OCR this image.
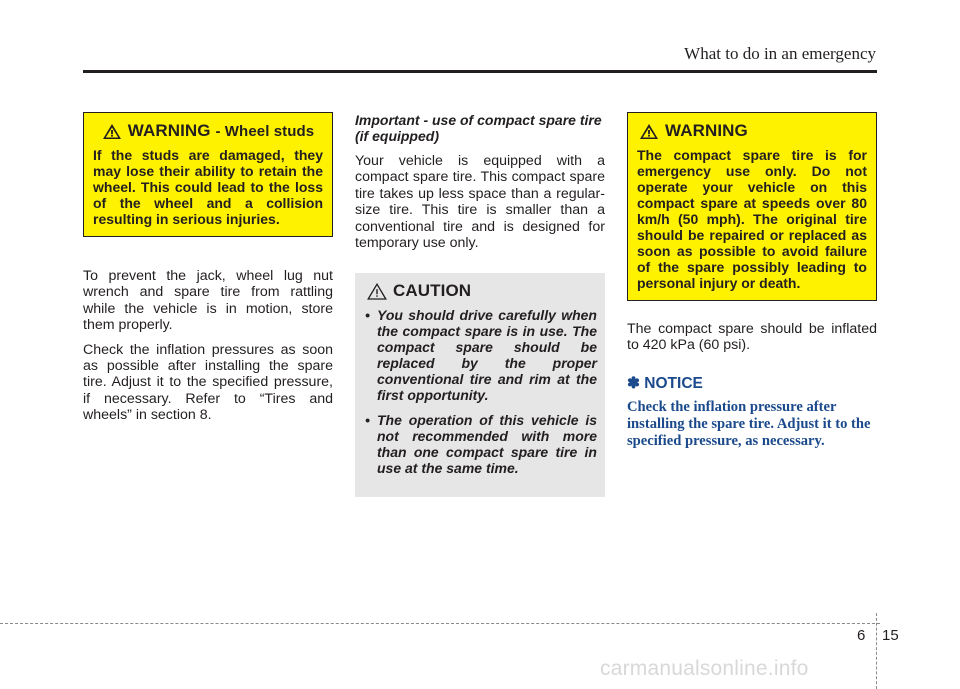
What to do in an emergency
WARNING - Wheel studs

If the studs are damaged, they may lose their ability to retain the wheel. This could lead to the loss of the wheel and a collision resulting in serious injuries.

To prevent the jack, wheel lug nut wrench and spare tire from rattling while the vehicle is in motion, store them properly.

Check the inflation pressures as soon as possible after installing the spare tire. Adjust it to the specified pressure, if necessary. Refer to “Tires and wheels” in section 8.

Important - use of compact spare tire (if equipped)

Your vehicle is equipped with a compact spare tire. This compact spare tire takes up less space than a regular-size tire. This tire is smaller than a conventional tire and is designed for temporary use only.

CAUTION
• You should drive carefully when the compact spare is in use. The compact spare should be replaced by the proper conventional tire and rim at the first opportunity.
• The operation of this vehicle is not recommended with more than one compact spare tire in use at the same time.
WARNING

The compact spare tire is for emergency use only. Do not operate your vehicle on this compact spare at speeds over 80 km/h (50 mph). The original tire should be repaired or replaced as soon as possible to avoid failure of the spare possibly leading to personal injury or death.

The compact spare should be inflated to 420 kPa (60 psi).

✽ NOTICE

Check the inflation pressure after installing the spare tire. Adjust it to the specified pressure, as necessary.

6 15
carmanualsonline.info
